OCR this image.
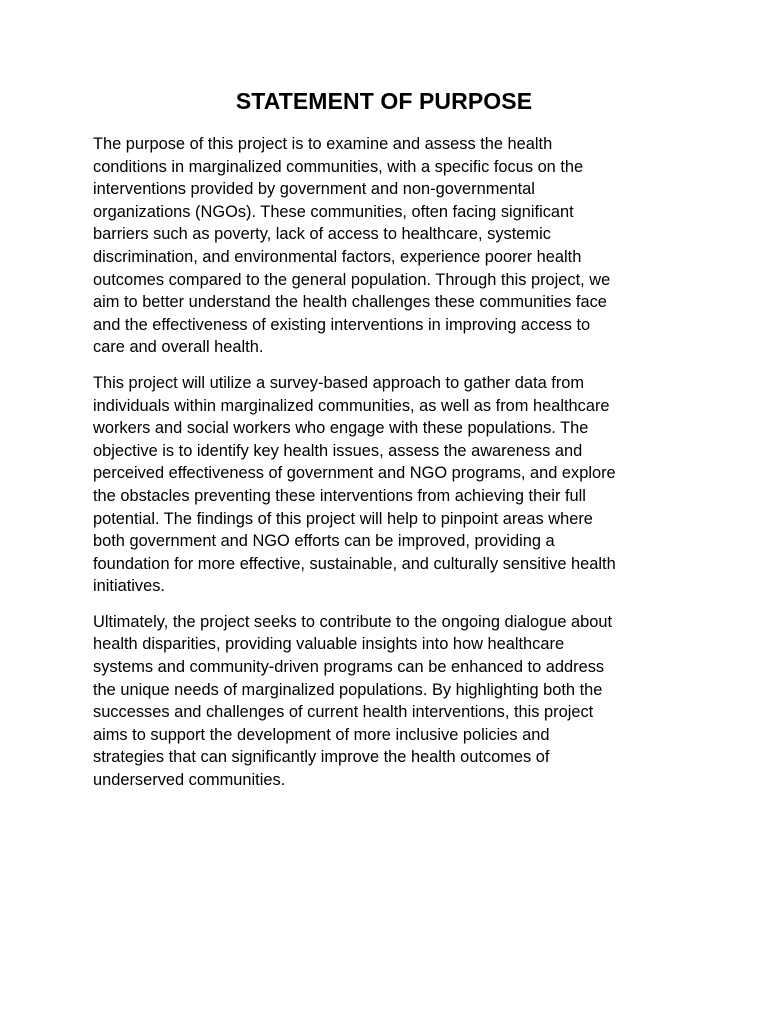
STATEMENT OF PURPOSE

The purpose of this project is to examine and assess the health
conditions in marginalized communities, with a specific focus on the
interventions provided by government and non-governmental
organizations (NGOs). These communities, often facing significant
barriers such as poverty, lack of access to healthcare, systemic
discrimination, and environmental factors, experience poorer health
outcomes compared to the general population. Through this project, we
aim to better understand the health challenges these communities face
and the effectiveness of existing interventions in improving access to
care and overall health.

This project will utilize a survey-based approach to gather data from
individuals within marginalized communities, as well as from healthcare
workers and social workers who engage with these populations. The
objective is to identify key health issues, assess the awareness and
perceived effectiveness of government and NGO programs, and explore
the obstacles preventing these interventions from achieving their full
potential. The findings of this project will help to pinpoint areas where
both government and NGO efforts can be improved, providing a
foundation for more effective, sustainable, and culturally sensitive health
initiatives.

Ultimately, the project seeks to contribute to the ongoing dialogue about
health disparities, providing valuable insights into how healthcare
systems and community-driven programs can be enhanced to address
the unique needs of marginalized populations. By highlighting both the
successes and challenges of current health interventions, this project
aims to support the development of more inclusive policies and
strategies that can significantly improve the health outcomes of
underserved communities.
